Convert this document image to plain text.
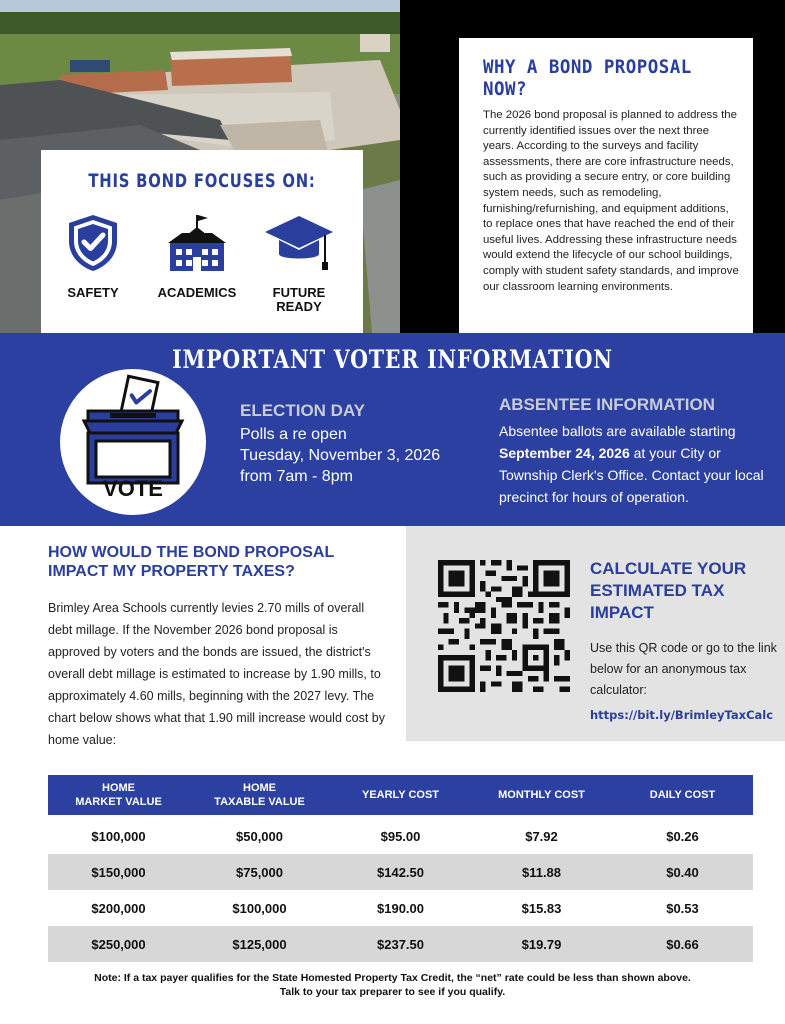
THIS BOND FOCUSES ON:
SAFETY	ACADEMICS	FUTURE
READY
WHY A BOND PROPOSAL
NOW?

The 2026 bond proposal is planned to address the currently identified issues over the next three years. According to the surveys and facility assessments, there are core infrastructure needs, such as providing a secure entry, or core building system needs, such as remodeling, furnishing/refurnishing, and equipment additions, to replace ones that have reached the end of their useful lives. Addressing these infrastructure needs would extend the lifecycle of our school buildings, comply with student safety standards, and improve our classroom learning environments.

IMPORTANT VOTER INFORMATION
VOTE
ELECTION DAY
Polls a re open
Tuesday, November 3, 2026
from 7am - 8pm
ABSENTEE INFORMATION
Absentee ballots are available starting September 24, 2026 at your City or Township Clerk's Office. Contact your local precinct for hours of operation.
HOW WOULD THE BOND PROPOSAL IMPACT MY PROPERTY TAXES?

Brimley Area Schools currently levies 2.70 mills of overall debt millage. If the November 2026 bond proposal is approved by voters and the bonds are issued, the district's overall debt millage is estimated to increase by 1.90 mills, to approximately 4.60 mills, beginning with the 2027 levy. The chart below shows what that 1.90 mill increase would cost by home value:

CALCULATE YOUR ESTIMATED TAX IMPACT

Use this QR code or go to the link below for an anonymous tax calculator:

https://bit.ly/BrimleyTaxCalc
HOME
MARKET VALUE	HOME
TAXABLE VALUE	YEARLY COST	MONTHLY COST	DAILY COST

$100,000	$50,000	$95.00	$7.92	$0.26
$150,000	$75,000	$142.50	$11.88	$0.40
$200,000	$100,000	$190.00	$15.83	$0.53
$250,000	$125,000	$237.50	$19.79	$0.66
Note: If a tax payer qualifies for the State Homested Property Tax Credit, the “net” rate could be less than shown above.
Talk to your tax preparer to see if you qualify.
